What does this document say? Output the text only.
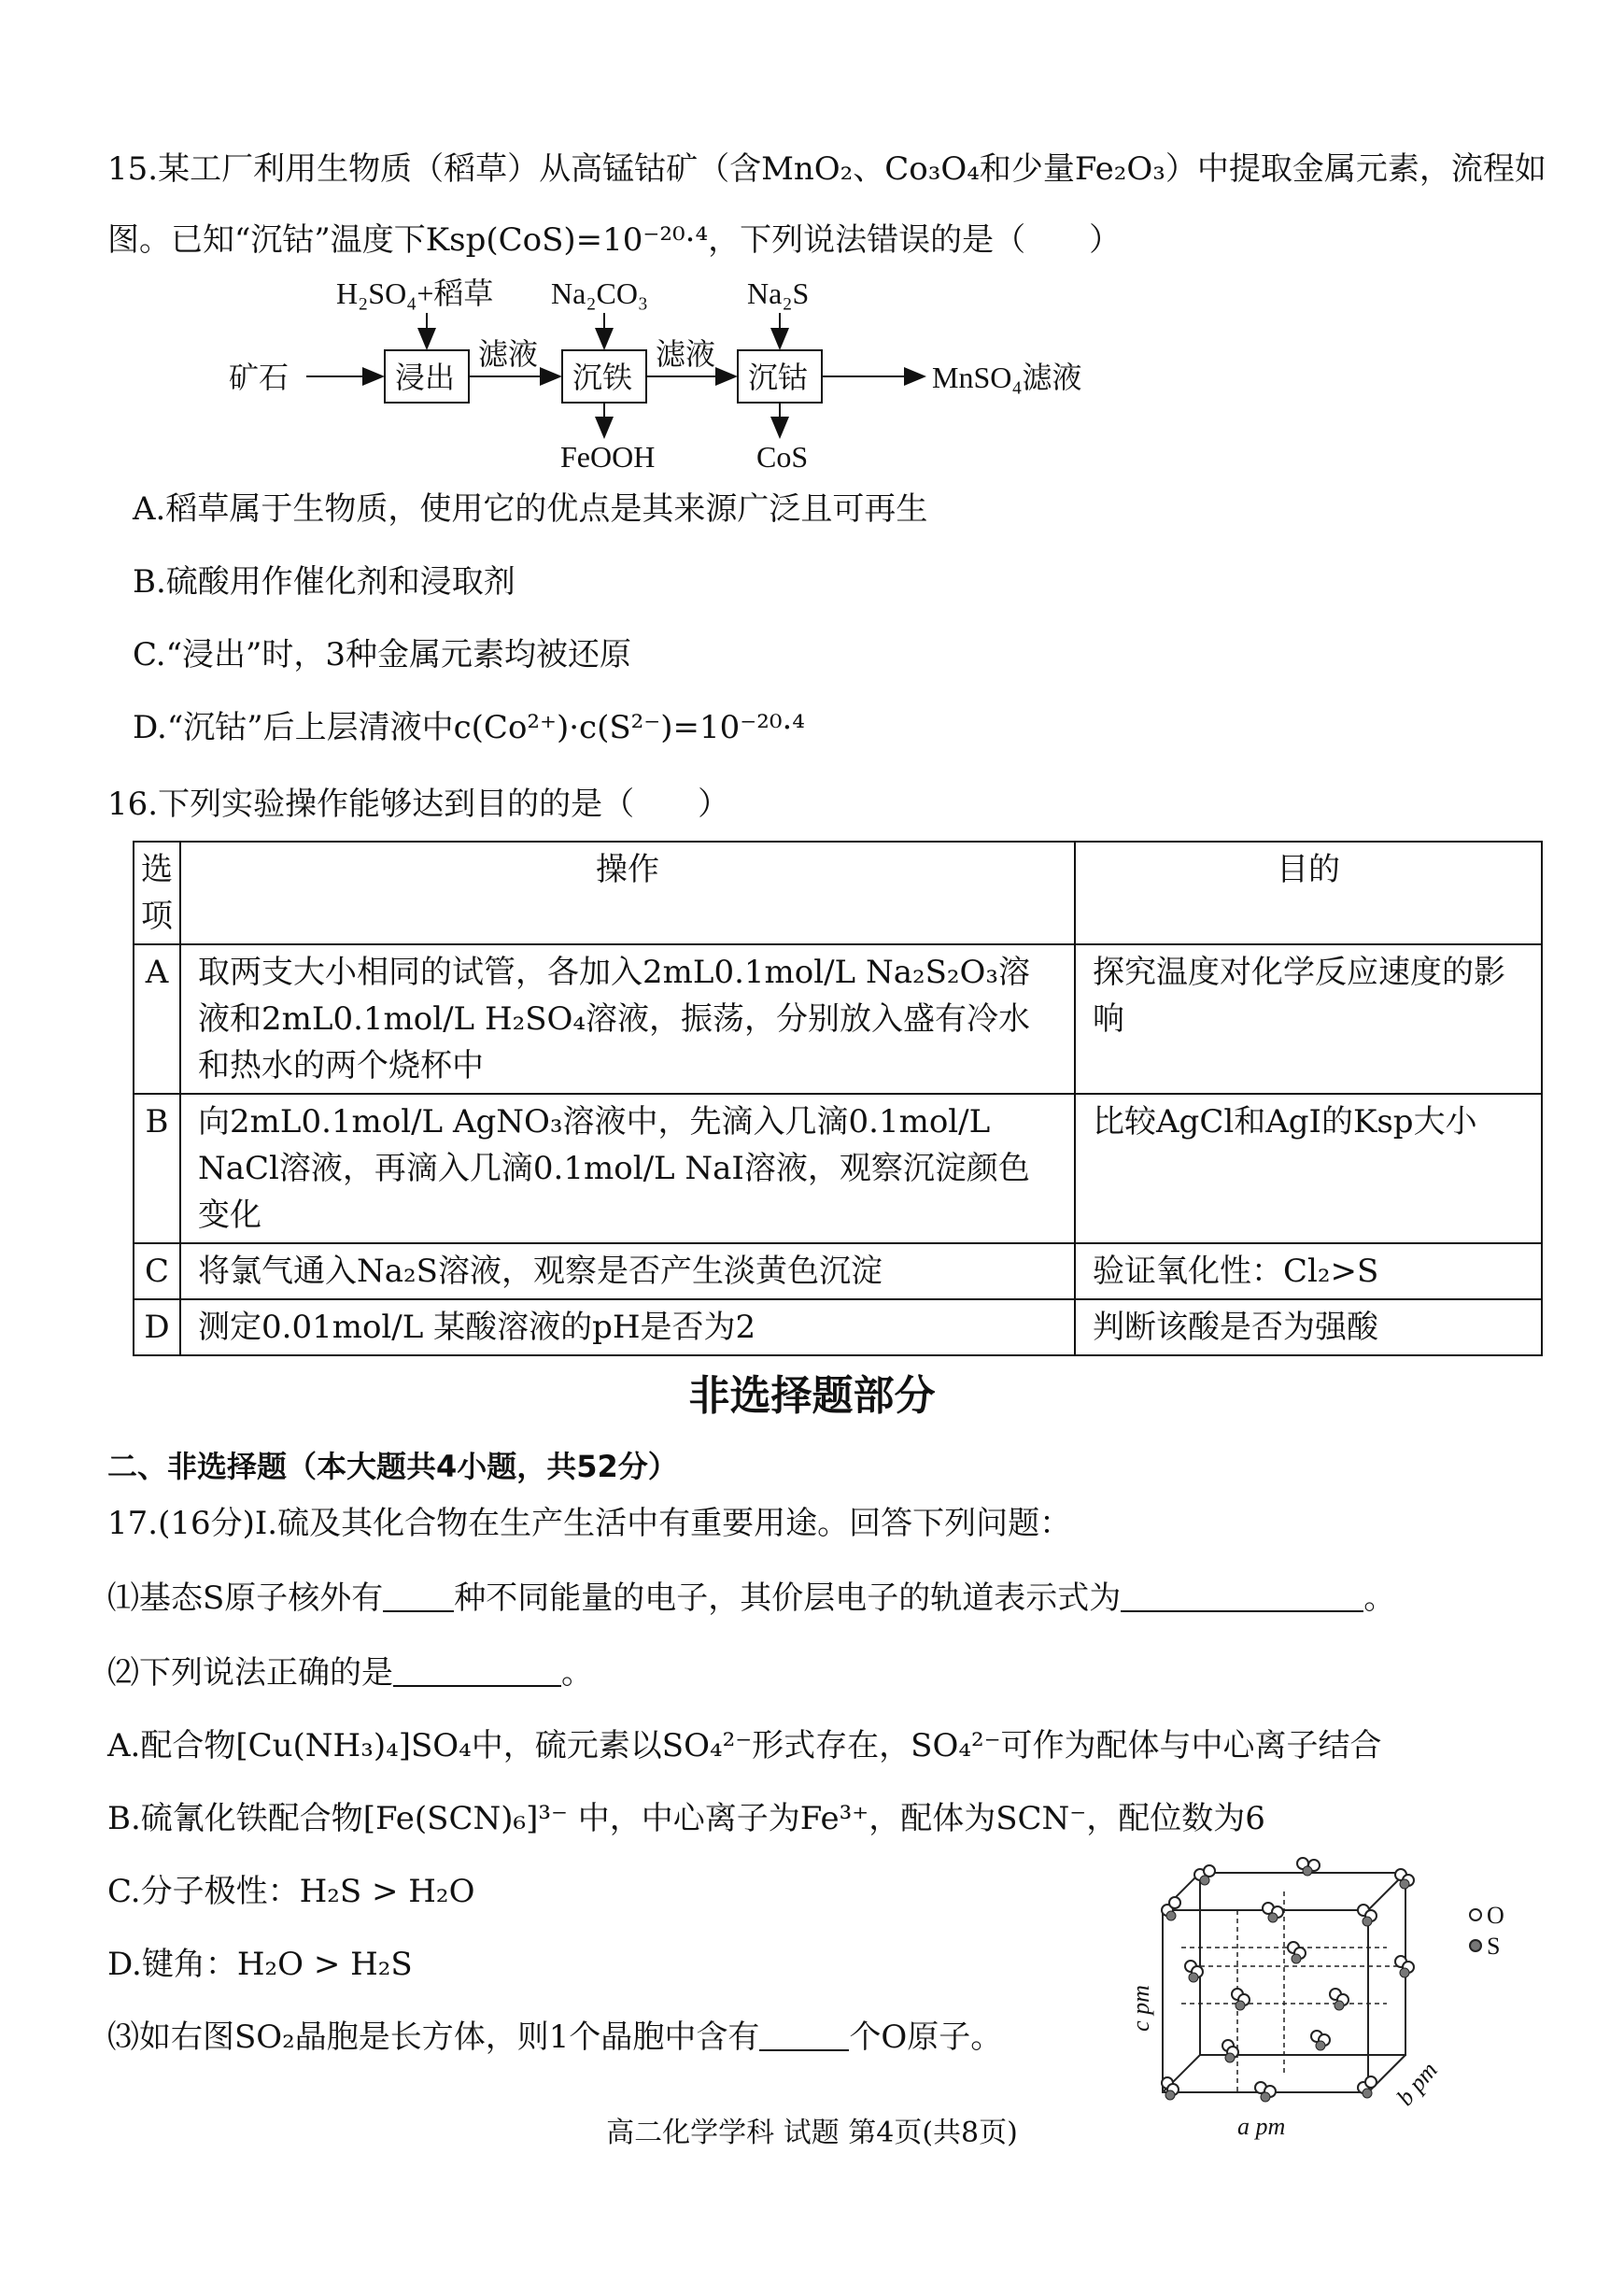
15.某工厂利用生物质（稻草）从高锰钴矿（含MnO₂、Co₃O₄和少量Fe₂O₃）中提取金属元素，流程如
图。已知“沉钴”温度下Ksp(CoS)=10⁻²⁰·⁴，下列说法错误的是（　　）
矿石	浸出
H₂SO₄+稻草
滤液
沉铁
Na₂CO₃
FeOOH
滤液
沉钴
Na₂S
CoS
MnSO₄滤液
A.稻草属于生物质，使用它的优点是其来源广泛且可再生
B.硫酸用作催化剂和浸取剂
C.“浸出”时，3种金属元素均被还原
D.“沉钴”后上层清液中c(Co²⁺)·c(S²⁻)=10⁻²⁰·⁴
16.下列实验操作能够达到目的的是（　　）
选项	操作	目的
A	取两支大小相同的试管，各加入2mL0.1mol/L Na₂S₂O₃溶液和2mL0.1mol/L H₂SO₄溶液，振荡，分别放入盛有冷水和热水的两个烧杯中	探究温度对化学反应速度的影响
B	向2mL0.1mol/L AgNO₃溶液中，先滴入几滴0.1mol/L NaCl溶液，再滴入几滴0.1mol/L NaI溶液，观察沉淀颜色变化	比较AgCl和AgI的Ksp大小
C	将氯气通入Na₂S溶液，观察是否产生淡黄色沉淀	验证氧化性：Cl₂>S
D	测定0.01mol/L 某酸溶液的pH是否为2	判断该酸是否为强酸
非选择题部分
二、非选择题（本大题共4小题，共52分）
17.(16分)Ⅰ.硫及其化合物在生产生活中有重要用途。回答下列问题：
⑴基态S原子核外有 种不同能量的电子，其价层电子的轨道表示式为	。
⑵下列说法正确的是	。
A.配合物[Cu(NH₃)₄]SO₄中，硫元素以SO₄²⁻形式存在，SO₄²⁻可作为配体与中心离子结合
B.硫氰化铁配合物[Fe(SCN)₆]³⁻ 中，中心离子为Fe³⁺，配体为SCN⁻，配位数为6
C.分子极性：H₂S > H₂O
D.键角：H₂O > H₂S
⑶如右图SO₂晶胞是长方体，则1个晶胞中含有	个O原子。
O
S
a pm
b pm
c pm
高二化学学科 试题 第4页(共8页)
